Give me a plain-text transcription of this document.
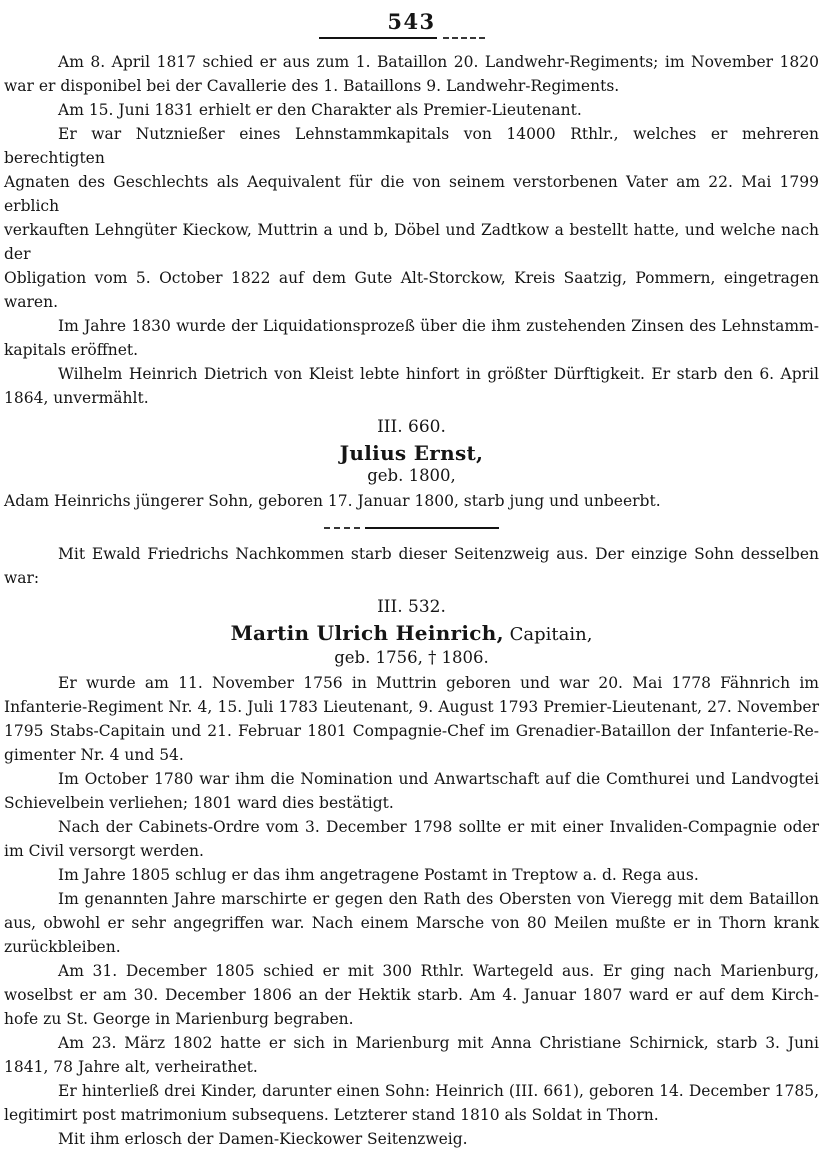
543
Am 8. April 1817 schied er aus zum 1. Bataillon 20. Landwehr-Regiments; im November 1820
war er disponibel bei der Cavallerie des 1. Bataillons 9. Landwehr-Regiments.
Am 15. Juni 1831 erhielt er den Charakter als Premier-Lieutenant.
Er war Nutznießer eines Lehnstammkapitals von 14000 Rthlr., welches er mehreren berechtigten
Agnaten des Geschlechts als Aequivalent für die von seinem verstorbenen Vater am 22. Mai 1799 erblich
verkauften Lehngüter Kieckow, Muttrin a und b, Döbel und Zadtkow a bestellt hatte, und welche nach der
Obligation vom 5. October 1822 auf dem Gute Alt-Storckow, Kreis Saatzig, Pommern, eingetragen waren.
Im Jahre 1830 wurde der Liquidationsprozeß über die ihm zustehenden Zinsen des Lehnstamm-
kapitals eröffnet.
Wilhelm Heinrich Dietrich von Kleist lebte hinfort in größter Dürftigkeit. Er starb den 6. April
1864, unvermählt.
III. 660.
Julius Ernst,
geb. 1800,
Adam Heinrichs jüngerer Sohn, geboren 17. Januar 1800, starb jung und unbeerbt.
Mit Ewald Friedrichs Nachkommen starb dieser Seitenzweig aus. Der einzige Sohn desselben war:
III. 532.
Martin Ulrich Heinrich, Capitain,
geb. 1756, † 1806.
Er wurde am 11. November 1756 in Muttrin geboren und war 20. Mai 1778 Fähnrich im
Infanterie-Regiment Nr. 4, 15. Juli 1783 Lieutenant, 9. August 1793 Premier-Lieutenant, 27. November
1795 Stabs-Capitain und 21. Februar 1801 Compagnie-Chef im Grenadier-Bataillon der Infanterie-Re-
gimenter Nr. 4 und 54.
Im October 1780 war ihm die Nomination und Anwartschaft auf die Comthurei und Landvogtei
Schievelbein verliehen; 1801 ward dies bestätigt.
Nach der Cabinets-Ordre vom 3. December 1798 sollte er mit einer Invaliden-Compagnie oder
im Civil versorgt werden.
Im Jahre 1805 schlug er das ihm angetragene Postamt in Treptow a. d. Rega aus.
Im genannten Jahre marschirte er gegen den Rath des Obersten von Vieregg mit dem Bataillon
aus, obwohl er sehr angegriffen war. Nach einem Marsche von 80 Meilen mußte er in Thorn krank
zurückbleiben.
Am 31. December 1805 schied er mit 300 Rthlr. Wartegeld aus. Er ging nach Marienburg,
woselbst er am 30. December 1806 an der Hektik starb. Am 4. Januar 1807 ward er auf dem Kirch-
hofe zu St. George in Marienburg begraben.
Am 23. März 1802 hatte er sich in Marienburg mit Anna Christiane Schirnick, starb 3. Juni
1841, 78 Jahre alt, verheirathet.
Er hinterließ drei Kinder, darunter einen Sohn: Heinrich (III. 661), geboren 14. December 1785,
legitimirt post matrimonium subsequens. Letzterer stand 1810 als Soldat in Thorn.
Mit ihm erlosch der Damen-Kieckower Seitenzweig.
